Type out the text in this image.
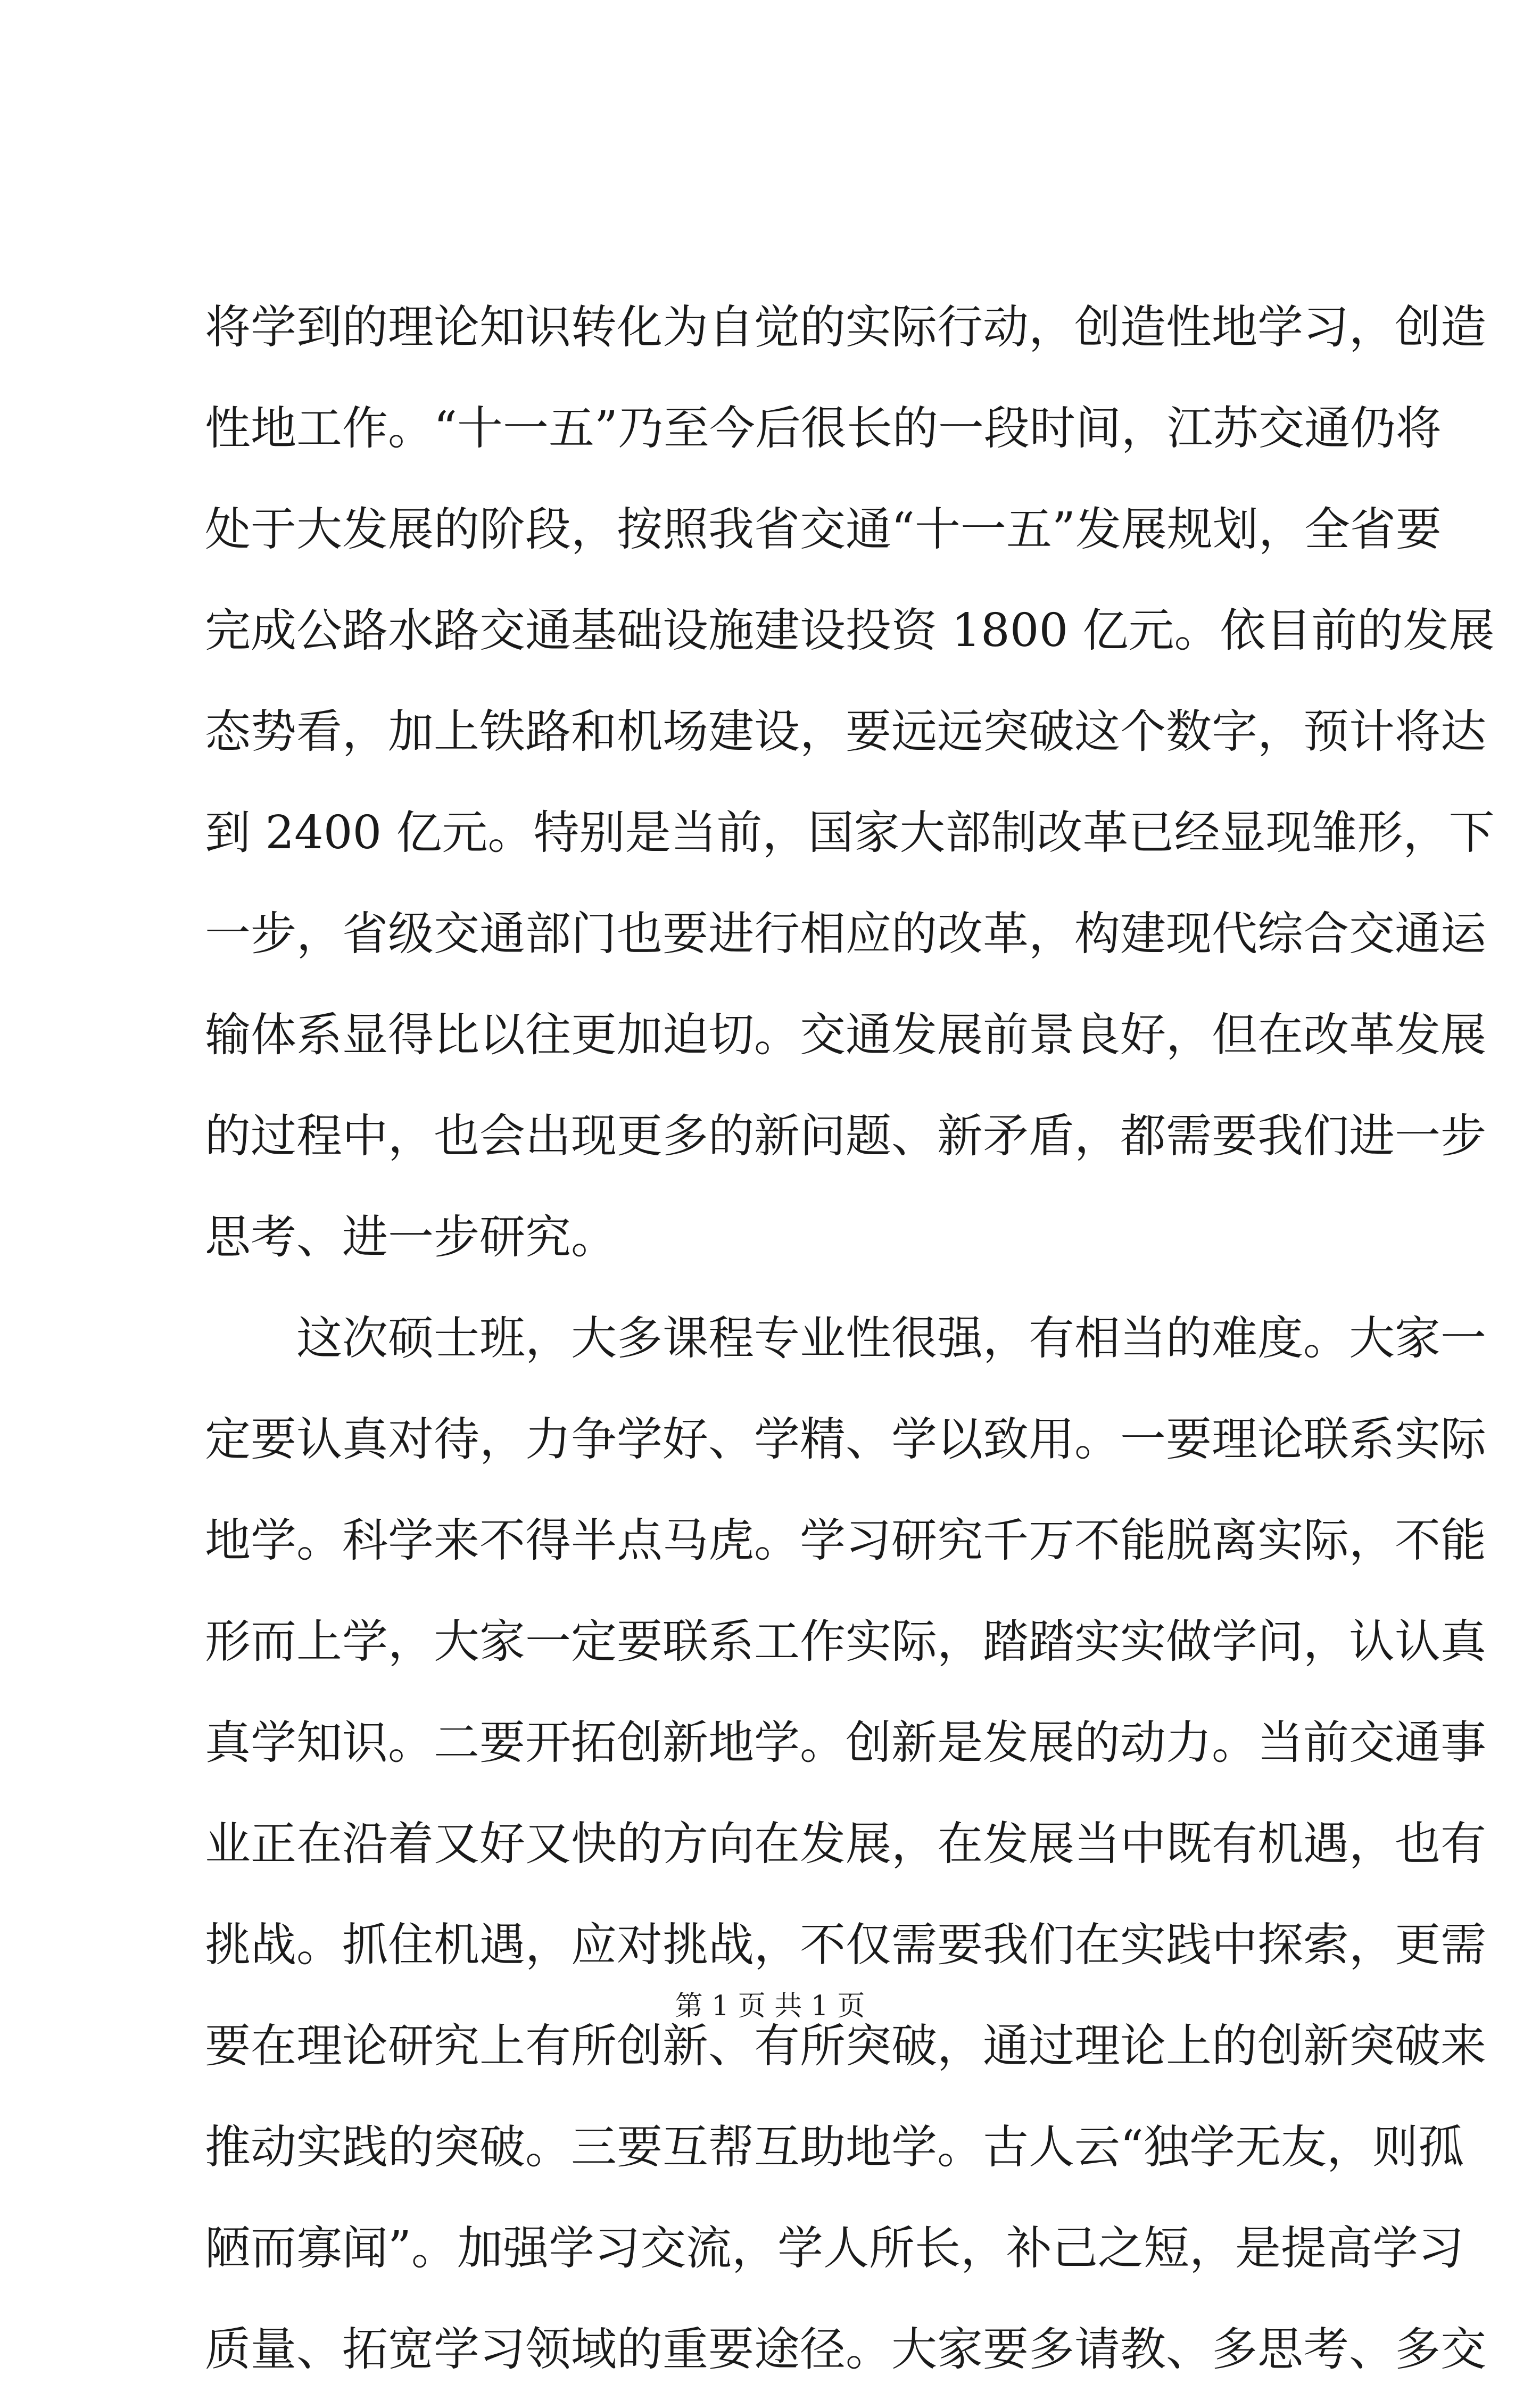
将学到的理论知识转化为自觉的实际行动，创造性地学习，创造
性地工作。“十一五”乃至今后很长的一段时间，江苏交通仍将
处于大发展的阶段，按照我省交通“十一五”发展规划，全省要
完成公路水路交通基础设施建设投资 1800 亿元。依目前的发展
态势看，加上铁路和机场建设，要远远突破这个数字，预计将达
到 2400 亿元。特别是当前，国家大部制改革已经显现雏形，下
一步，省级交通部门也要进行相应的改革，构建现代综合交通运
输体系显得比以往更加迫切。交通发展前景良好，但在改革发展
的过程中，也会出现更多的新问题、新矛盾，都需要我们进一步
思考、进一步研究。
　　这次硕士班，大多课程专业性很强，有相当的难度。大家一
定要认真对待，力争学好、学精、学以致用。一要理论联系实际
地学。科学来不得半点马虎。学习研究千万不能脱离实际，不能
形而上学，大家一定要联系工作实际，踏踏实实做学问，认认真
真学知识。二要开拓创新地学。创新是发展的动力。当前交通事
业正在沿着又好又快的方向在发展，在发展当中既有机遇，也有
挑战。抓住机遇，应对挑战，不仅需要我们在实践中探索，更需
要在理论研究上有所创新、有所突破，通过理论上的创新突破来
推动实践的突破。三要互帮互助地学。古人云“独学无友，则孤
陋而寡闻”。加强学习交流，学人所长，补己之短，是提高学习
质量、拓宽学习领域的重要途径。大家要多请教、多思考、多交
第 1 页 共 1 页
